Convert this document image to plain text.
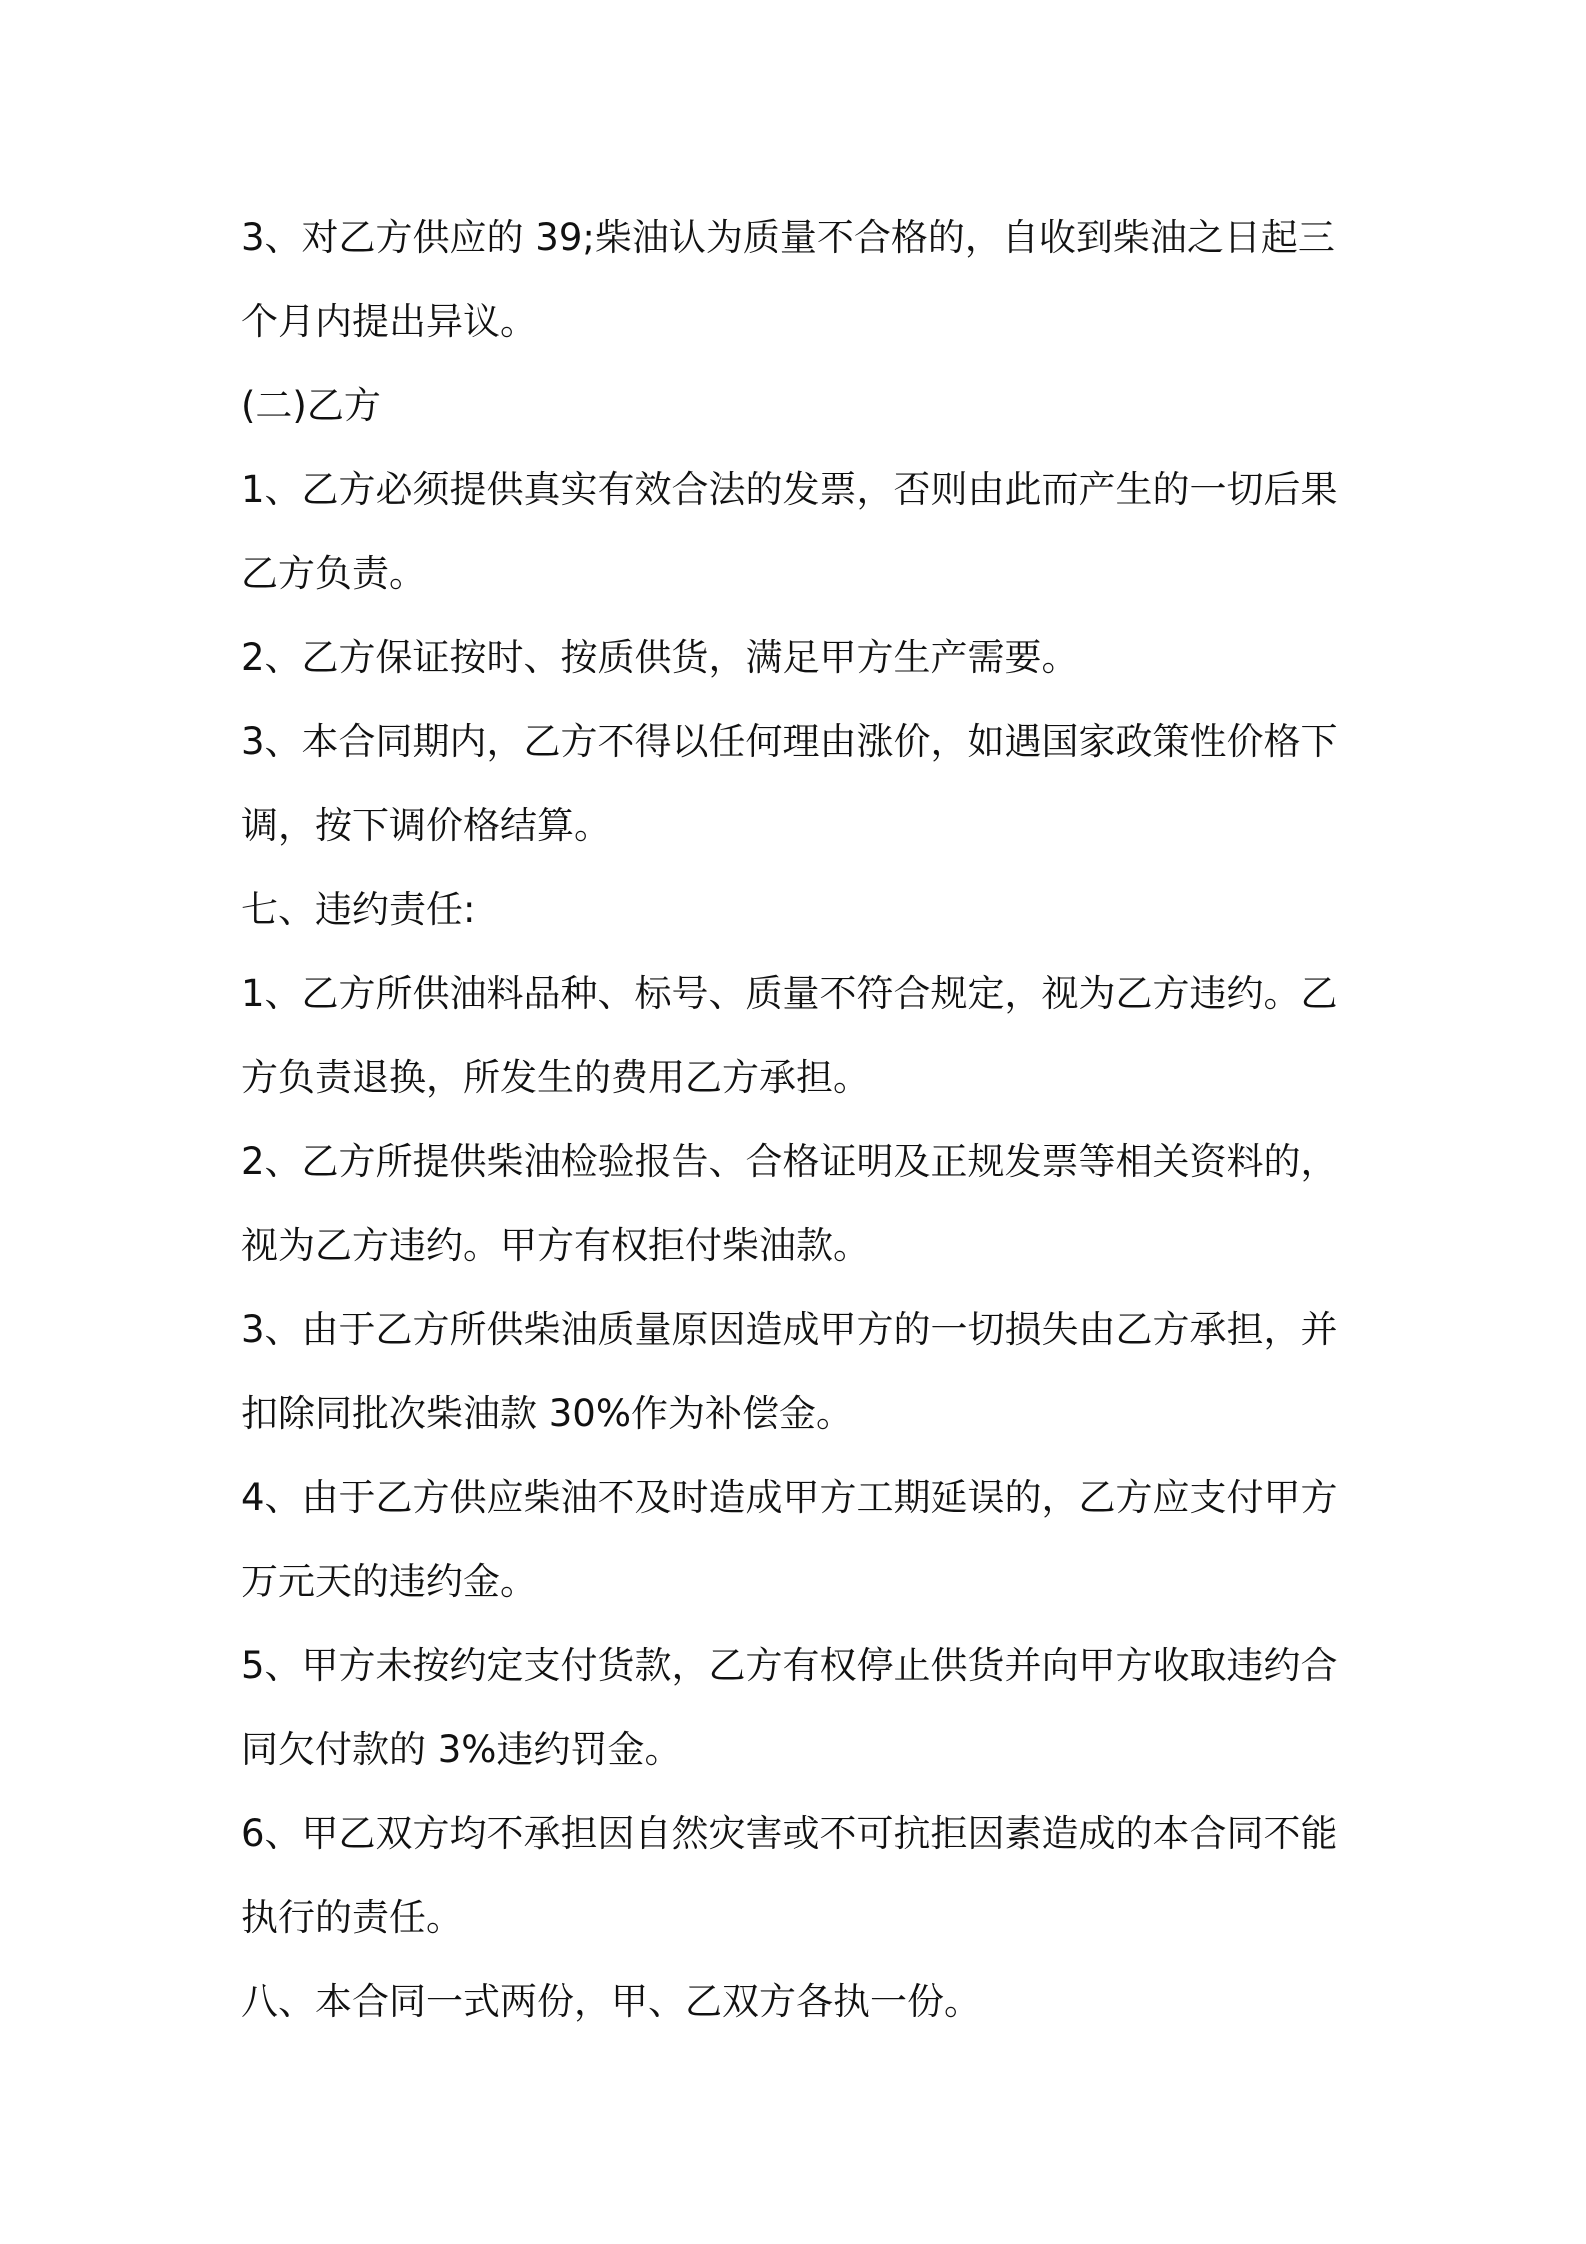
3、对乙方供应的 39;柴油认为质量不合格的，自收到柴油之日起三

个月内提出异议。

(二)乙方

1、乙方必须提供真实有效合法的发票，否则由此而产生的一切后果

乙方负责。

2、乙方保证按时、按质供货，满足甲方生产需要。

3、本合同期内，乙方不得以任何理由涨价，如遇国家政策性价格下

调，按下调价格结算。

七、违约责任:

1、乙方所供油料品种、标号、质量不符合规定，视为乙方违约。乙

方负责退换，所发生的费用乙方承担。

2、乙方所提供柴油检验报告、合格证明及正规发票等相关资料的，

视为乙方违约。甲方有权拒付柴油款。

3、由于乙方所供柴油质量原因造成甲方的一切损失由乙方承担，并

扣除同批次柴油款 30%作为补偿金。

4、由于乙方供应柴油不及时造成甲方工期延误的，乙方应支付甲方

万元天的违约金。

5、甲方未按约定支付货款，乙方有权停止供货并向甲方收取违约合

同欠付款的 3%违约罚金。

6、甲乙双方均不承担因自然灾害或不可抗拒因素造成的本合同不能

执行的责任。

八、本合同一式两份，甲、乙双方各执一份。
